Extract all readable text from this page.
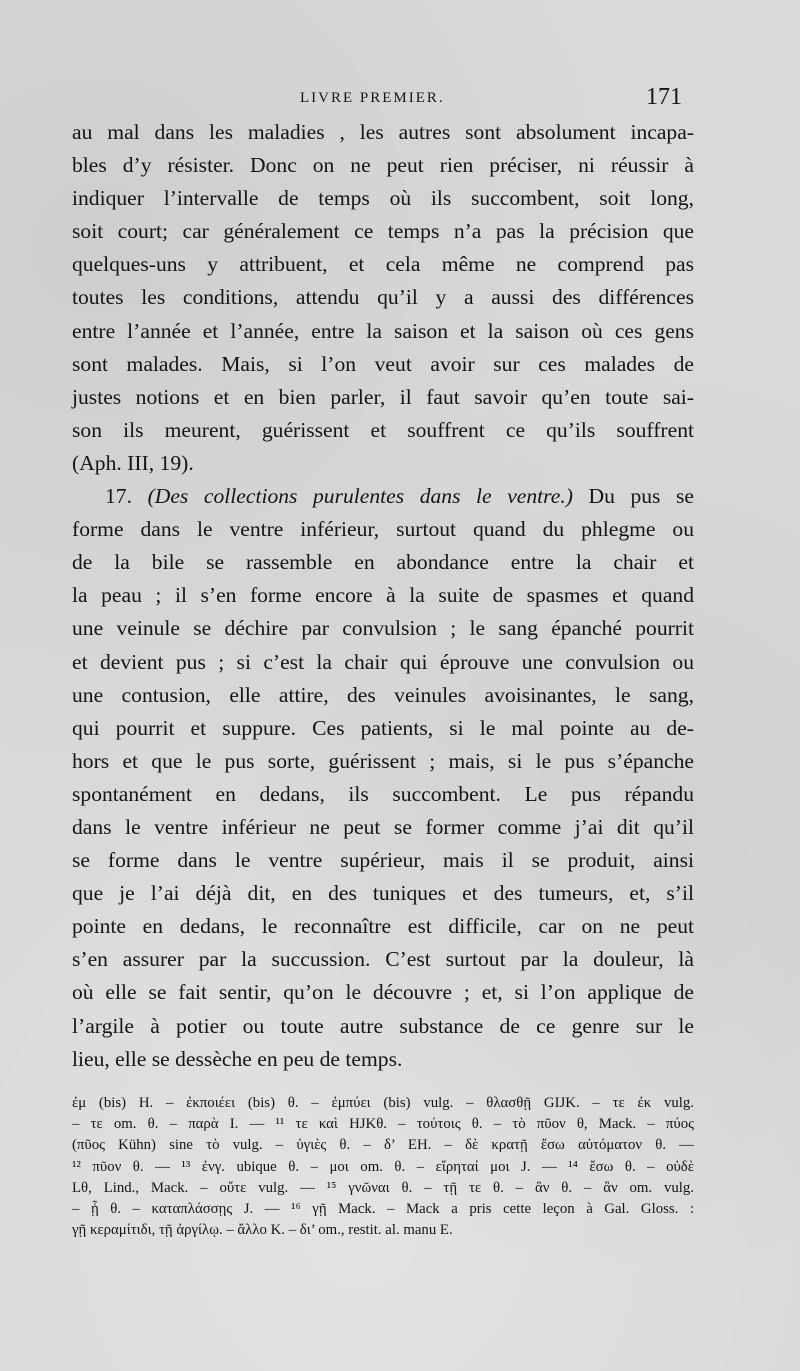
LIVRE PREMIER.	171
au mal dans les maladies , les autres sont absolument incapa-
bles d’y résister. Donc on ne peut rien préciser, ni réussir à
indiquer l’intervalle de temps où ils succombent, soit long,
soit court; car généralement ce temps n’a pas la précision que
quelques-uns y attribuent, et cela même ne comprend pas
toutes les conditions, attendu qu’il y a aussi des différences
entre l’année et l’année, entre la saison et la saison où ces gens
sont malades. Mais, si l’on veut avoir sur ces malades de
justes notions et en bien parler, il faut savoir qu’en toute sai-
son ils meurent, guérissent et souffrent ce qu’ils souffrent
(Aph. III, 19).
17. (Des collections purulentes dans le ventre.) Du pus se
forme dans le ventre inférieur, surtout quand du phlegme ou
de la bile se rassemble en abondance entre la chair et
la peau ; il s’en forme encore à la suite de spasmes et quand
une veinule se déchire par convulsion ; le sang épanché pourrit
et devient pus ; si c’est la chair qui éprouve une convulsion ou
une contusion, elle attire, des veinules avoisinantes, le sang,
qui pourrit et suppure. Ces patients, si le mal pointe au de-
hors et que le pus sorte, guérissent ; mais, si le pus s’épanche
spontanément en dedans, ils succombent. Le pus répandu
dans le ventre inférieur ne peut se former comme j’ai dit qu’il
se forme dans le ventre supérieur, mais il se produit, ainsi
que je l’ai déjà dit, en des tuniques et des tumeurs, et, s’il
pointe en dedans, le reconnaître est difficile, car on ne peut
s’en assurer par la succussion. C’est surtout par la douleur, là
où elle se fait sentir, qu’on le découvre ; et, si l’on applique de
l’argile à potier ou toute autre substance de ce genre sur le
lieu, elle se dessèche en peu de temps.
ἐμ (bis) H. – ἐκποιέει (bis) θ. – ἐμπύει (bis) vulg. – θλασθῇ GIJK. – τε ἐκ vulg.
– τε om. θ. – παρὰ I. — ¹¹ τε καὶ HJKθ. – τούτοις θ. – τὸ πῦον θ, Mack. – πύος
(πῦος Kühn) sine τὸ vulg. – ὑγιὲς θ. – δ’ EH. – δὲ κρατῇ ἔσω αὐτόματον θ. —
¹² πῦον θ. — ¹³ ἐνγ. ubique θ. – μοι om. θ. – εἴρηταί μοι J. — ¹⁴ ἔσω θ. – οὐδὲ
Lθ, Lind., Mack. – οὔτε vulg. — ¹⁵ γνῶναι θ. – τῇ τε θ. – ἂν θ. – ἂν om. vulg.
– ᾗ θ. – καταπλάσσῃς J. — ¹⁶ γῇ Mack. – Mack a pris cette leçon à Gal. Gloss. :
γῇ κεραμίτιδι, τῇ ἀργίλῳ. – ἄλλο K. – δι’ om., restit. al. manu E.
